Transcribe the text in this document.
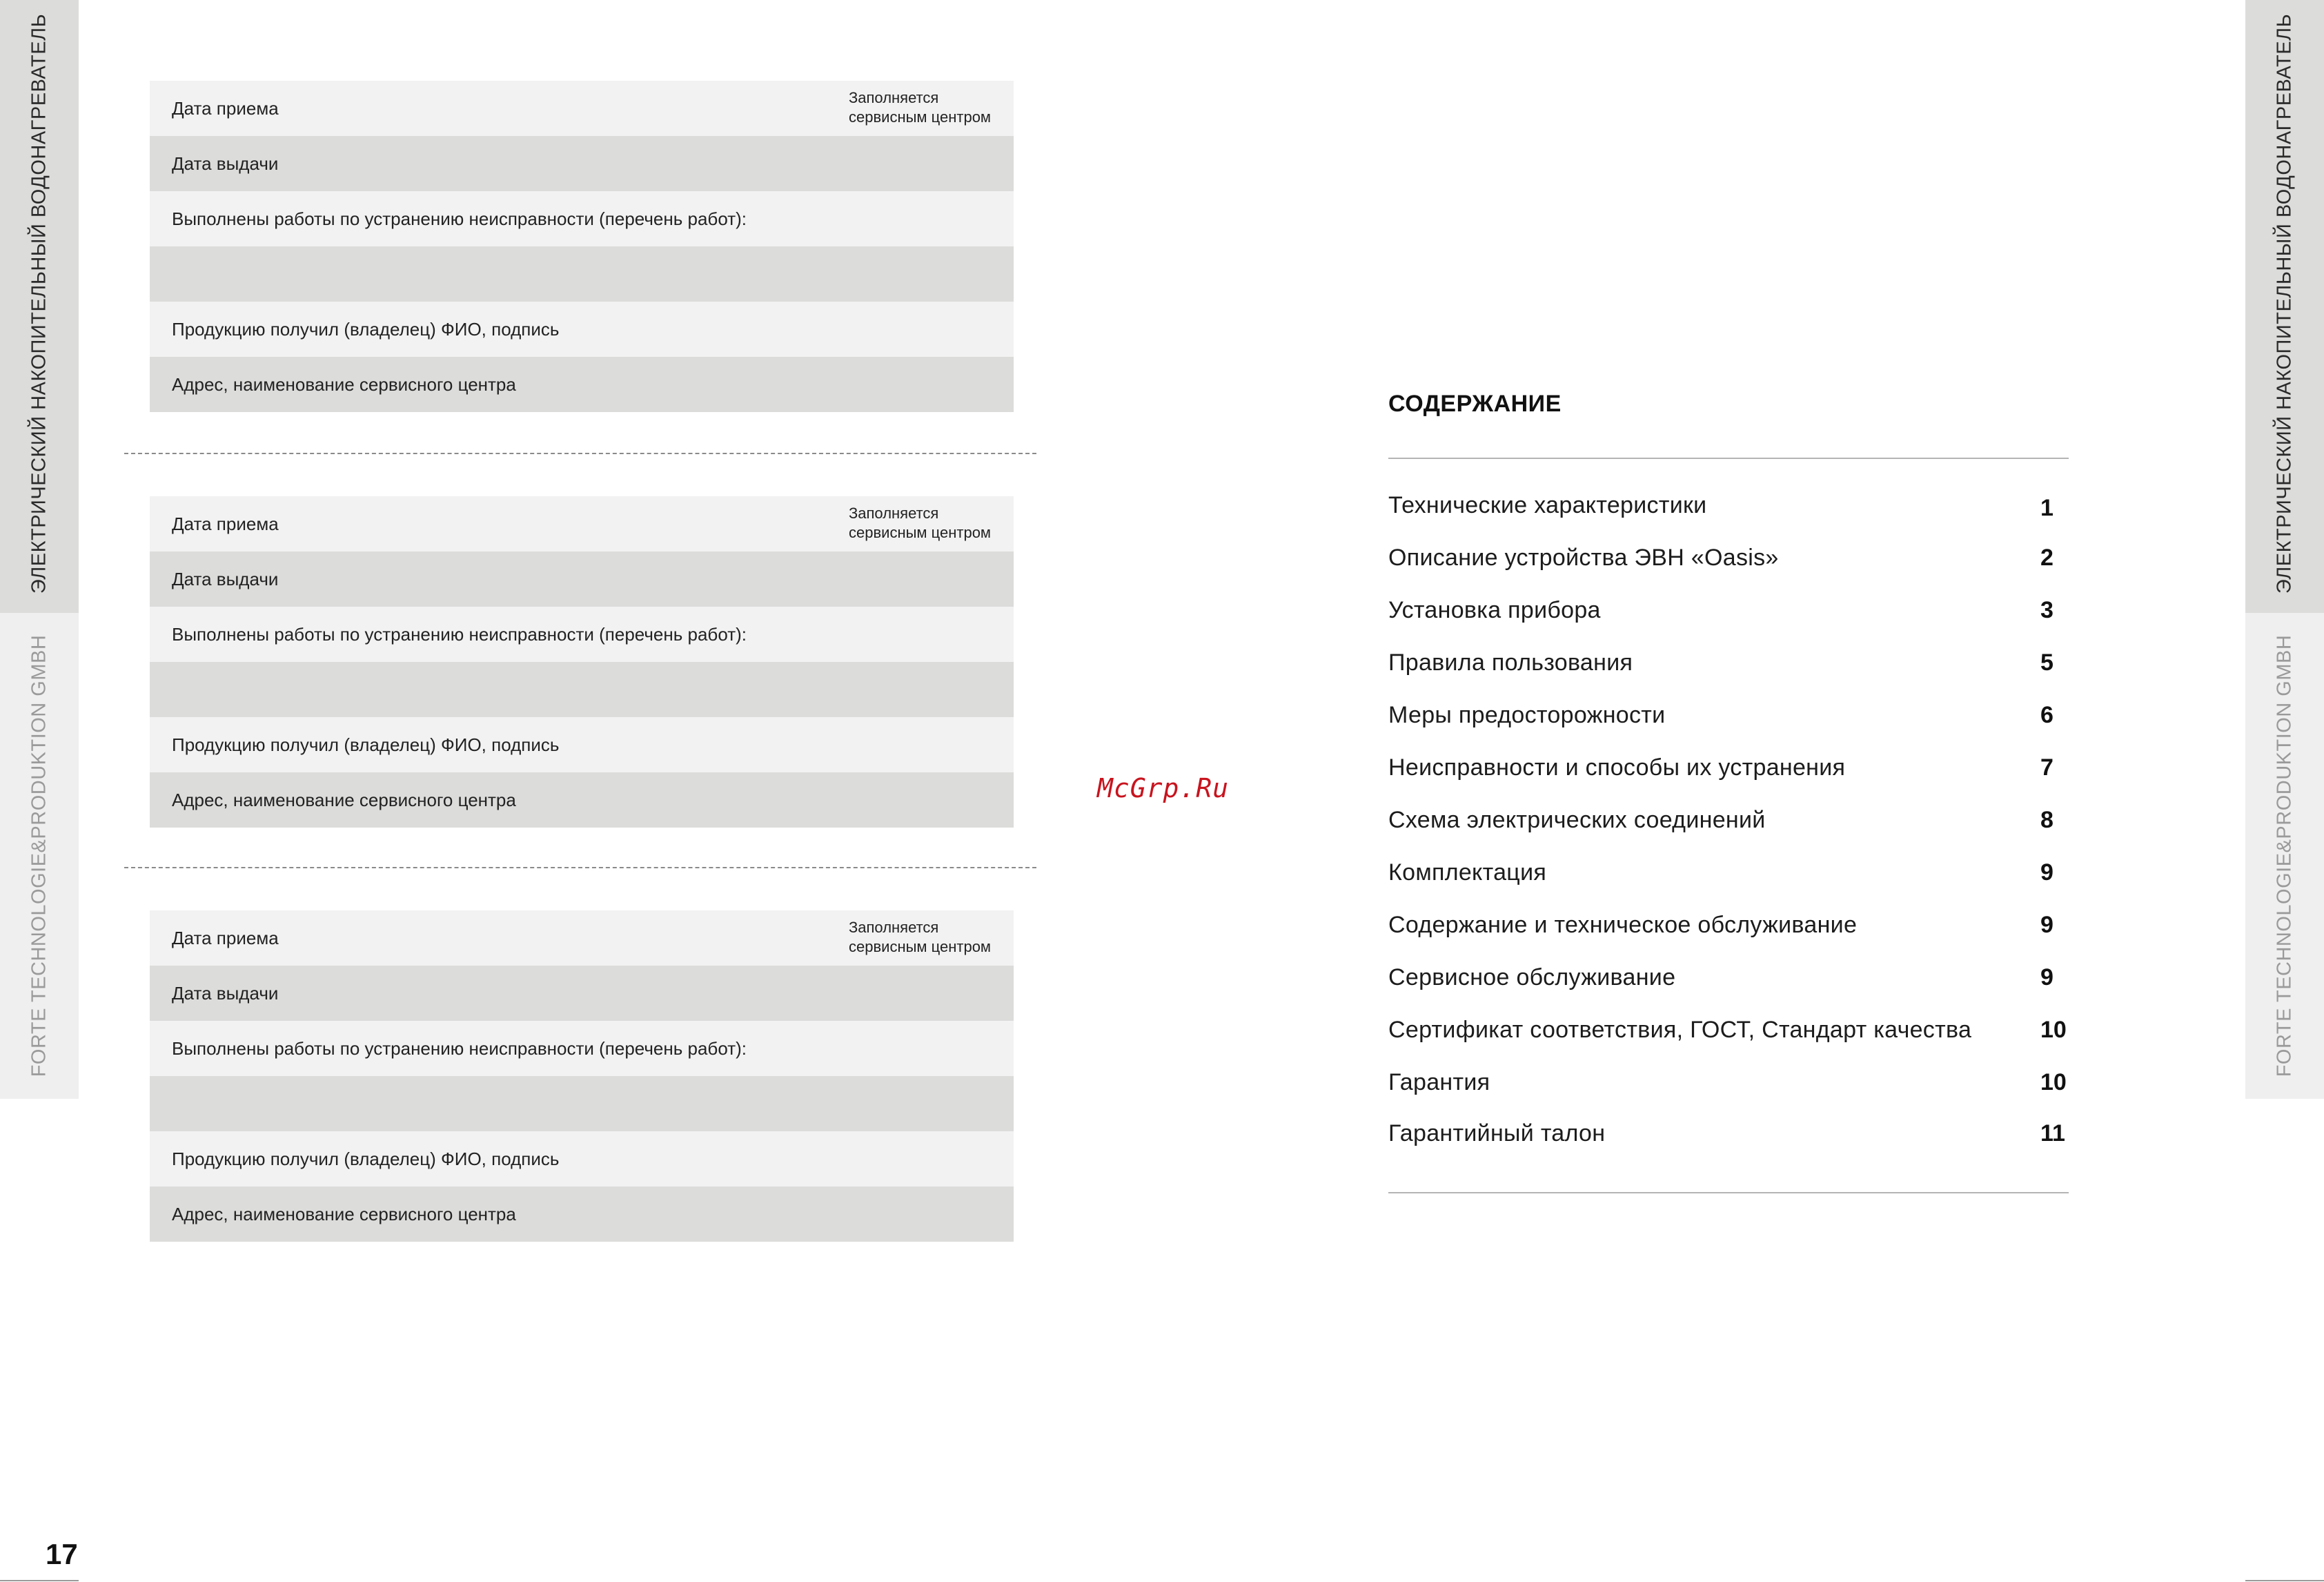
ЭЛЕКТРИЧЕСКИЙ НАКОПИТЕЛЬНЫЙ ВОДОНАГРЕВАТЕЛЬ
FORTE TECHNOLOGIE&PRODUKTION GMBH
ЭЛЕКТРИЧЕСКИЙ НАКОПИТЕЛЬНЫЙ ВОДОНАГРЕВАТЕЛЬ
FORTE TECHNOLOGIE&PRODUKTION GMBH
Дата приема
Заполняется сервисным центром
Дата выдачи
Выполнены работы по устранению неисправности (перечень работ):
Продукцию получил (владелец) ФИО, подпись
Адрес, наименование сервисного центра
Дата приема
Заполняется сервисным центром
Дата выдачи
Выполнены работы по устранению неисправности (перечень работ):
Продукцию получил (владелец) ФИО, подпись
Адрес, наименование сервисного центра
Дата приема
Заполняется сервисным центром
Дата выдачи
Выполнены работы по устранению неисправности (перечень работ):
Продукцию получил (владелец) ФИО, подпись
Адрес, наименование сервисного центра
McGrp.Ru
СОДЕРЖАНИЕ
Технические характеристики	1
Описание устройства ЭВН «Oasis»	2
Установка прибора	3
Правила пользования	5
Меры предосторожности	6
Неисправности и способы их устранения	7
Схема электрических соединений	8
Комплектация	9
Содержание и техническое обслуживание	9
Сервисное обслуживание	9
Сертификат соответствия, ГОСТ, Стандарт качества	10
Гарантия	10
Гарантийный талон	11
17
